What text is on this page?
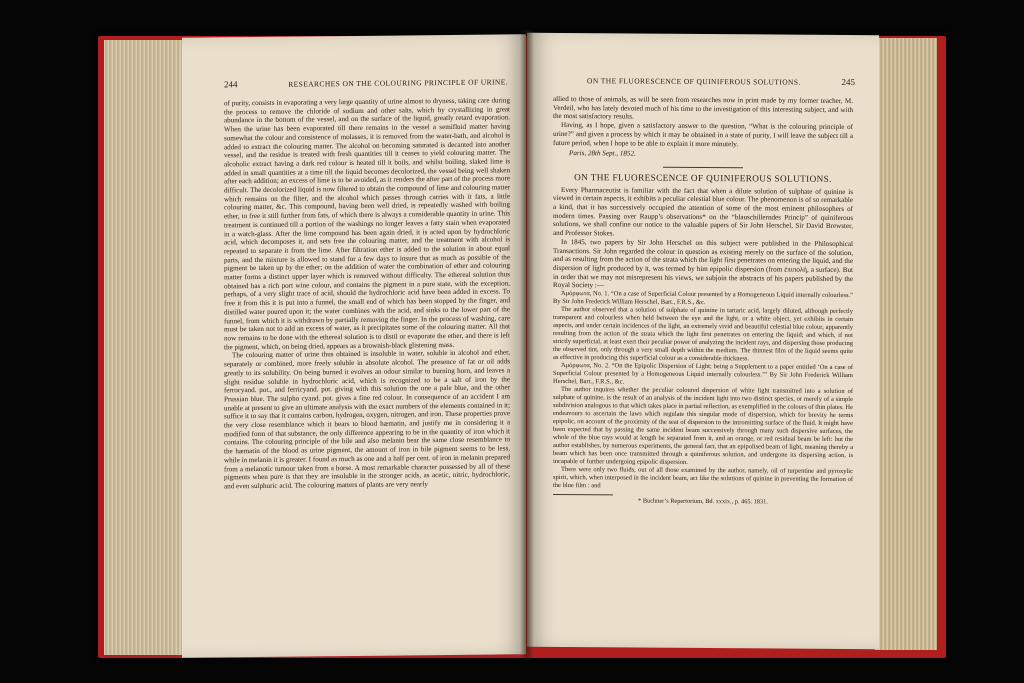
244	RESEARCHES ON THE COLOURING PRINCIPLE OF URINE.

of purity, consists in evaporating a very large quantity of urine almost to dryness, taking care during the process to remove the chloride of sodium and other salts, which by crystallizing in great abundance in the bottom of the vessel, and on the surface of the liquid, greatly retard evaporation. When the urine has been evaporated till there remains in the vessel a semifluid matter having somewhat the colour and consistence of molasses, it is removed from the water-bath, and alcohol is added to extract the colouring matter. The alcohol on becoming saturated is decanted into another vessel, and the residue is treated with fresh quantities till it ceases to yield colouring matter. The alcoholic extract having a dark red colour is heated till it boils, and whilst boiling, slaked lime is added in small quantities at a time till the liquid becomes decolorized, the vessel being well shaken after each addition; an excess of lime is to be avoided, as it renders the after part of the process more difficult. The decolorized liquid is now filtered to obtain the compound of lime and colouring matter which remains on the filter, and the alcohol which passes through carries with it fats, a little colouring matter, &c. This compound, having been well dried, is repeatedly washed with boiling ether, to free it still further from fats, of which there is always a considerable quantity in urine. This treatment is continued till a portion of the washings no longer leaves a fatty stain when evaporated in a watch-glass. After the lime compound has been again dried, it is acted upon by hydrochloric acid, which decomposes it, and sets free the colouring matter, and the treatment with alcohol is repeated to separate it from the lime. After filtration ether is added to the solution in about equal parts, and the mixture is allowed to stand for a few days to insure that as much as possible of the pigment be taken up by the ether; on the addition of water the combination of ether and colouring matter forms a distinct upper layer which is removed without difficulty. The ethereal solution thus obtained has a rich port wine colour, and contains the pigment in a pure state, with the exception, perhaps, of a very slight trace of acid, should the hydrochloric acid have been added in excess. To free it from this it is put into a funnel, the small end of which has been stopped by the finger, and distilled water poured upon it; the water combines with the acid, and sinks to the lower part of the funnel, from which it is withdrawn by partially removing the finger. In the process of washing, care must be taken not to add an excess of water, as it precipitates some of the colouring matter. All that now remains to be done with the ethereal solution is to distil or evaporate the ether, and there is left the pigment, which, on being dried, appears as a brownish-black glistening mass.

The colouring matter of urine thus obtained is insoluble in water, soluble in alcohol and ether, separately or combined, more freely soluble in absolute alcohol. The presence of fat or oil adds greatly to its solubility. On being burned it evolves an odour similar to burning horn, and leaves a slight residue soluble in hydrochloric acid, which is recognized to be a salt of iron by the ferrocyand. pot., and ferricyand. pot. giving with this solution the one a pale blue, and the other Prussian blue. The sulpho cyand. pot. gives a fine red colour. In consequence of an accident I am unable at present to give an ultimate analysis with the exact numbers of the elements contained in it; suffice it to say that it contains carbon, hydrogen, oxygen, nitrogen, and iron. These properties prove the very close resemblance which it bears to blood hæmatin, and justify me in considering it a modified form of that substance, the only difference appearing to be in the quantity of iron which it contains. The colouring principle of the bile and also melanin bear the same close resemblance to the hæmatin of the blood as urine pigment, the amount of iron in bile pigment seems to be less, while in melanin it is greater. I found as much as one and a half per cent. of iron in melanin prepared from a melanotic tumour taken from a horse. A most remarkable character possessed by all of these pigments when pure is that they are insoluble in the stronger acids, as acetic, nitric, hydrochloric, and even sulphuric acid. The colouring matters of plants are very nearly

ON THE FLUORESCENCE OF QUINIFEROUS SOLUTIONS.	245

allied to those of animals, as will be seen from researches now in print made by my former teacher, M. Verdeil, who has lately devoted much of his time to the investigation of this interesting subject, and with the most satisfactory results.

Having, as I hope, given a satisfactory answer to the question, “What is the colouring principle of urine?” and given a process by which it may be obtained in a state of purity, I will leave the subject till a future period, when I hope to be able to explain it more minutely.

Paris, 28th Sept., 1852.

ON THE FLUORESCENCE OF QUINIFEROUS SOLUTIONS.

Every Pharmaceutist is familiar with the fact that when a dilute solution of sulphate of quinine is viewed in certain aspects, it exhibits a peculiar celestial blue colour. The phenomenon is of so remarkable a kind, that it has successively occupied the attention of some of the most eminent philosophers of modern times. Passing over Raupp’s observations* on the “blauschillerndes Princip” of quiniferous solutions, we shall confine our notice to the valuable papers of Sir John Herschel, Sir David Brewster, and Professor Stokes.

In 1845, two papers by Sir John Herschel on this subject were published in the Philosophical Transactions. Sir John regarded the colour in question as existing merely on the surface of the solution, and as resulting from the action of the strata which the light first penetrates on entering the liquid, and the dispersion of light produced by it, was termed by him epipolic dispersion (from ἐπιπολή, a surface). But in order that we may not misrepresent his views, we subjoin the abstracts of his papers published by the Royal Society :—

Ἀμόρφωτα, No. 1. “On a case of Superficial Colour presented by a Homogeneous Liquid internally colourless.” By Sir John Frederick William Herschel, Bart., F.R.S., &c.

The author observed that a solution of sulphate of quinine in tartaric acid, largely diluted, although perfectly transparent and colourless when held between the eye and the light, or a white object, yet exhibits in certain aspects, and under certain incidences of the light, an extremely vivid and beautiful celestial blue colour, apparently resulting from the action of the strata which the light first penetrates on entering the liquid; and which, if not strictly superficial, at least exert their peculiar power of analyzing the incident rays, and dispersing those producing the observed tint, only through a very small depth within the medium. The thinnest film of the liquid seems quite as effective in producing this superficial colour as a considerable thickness.

Ἀμόρφωτα, No. 2. “On the Epipolic Dispersion of Light; being a Supplement to a paper entitled ‘On a case of Superficial Colour presented by a Homogeneous Liquid internally colourless.’” By Sir John Frederick William Herschel, Bart., F.R.S., &c.

The author inquires whether the peculiar coloured dispersion of white light transmitted into a solution of sulphate of quinine, is the result of an analysis of the incident light into two distinct species, or merely of a simple subdivision analogous to that which takes place in partial reflection, as exemplified in the colours of thin plates. He endeavours to ascertain the laws which regulate this singular mode of dispersion, which for brevity he terms epipolic, on account of the proximity of the seat of dispersion to the intromitting surface of the fluid. It might have been expected that by passing the same incident beam successively through many such dispersive surfaces, the whole of the blue rays would at length be separated from it, and an orange, or red residual beam be left: but the author establishes, by numerous experiments, the general fact, that an epipolised beam of light, meaning thereby a beam which has been once transmitted through a quiniferous solution, and undergone its dispersing action, is incapable of further undergoing epipolic dispersion.

There were only two fluids, out of all those examined by the author, namely, oil of turpentine and pyroxylic spirit, which, when interposed in the incident beam, act like the solutions of quinine in preventing the formation of the blue film : and

* Buchner’s Repertorium, Bd. xxxix., p. 465. 1831.
